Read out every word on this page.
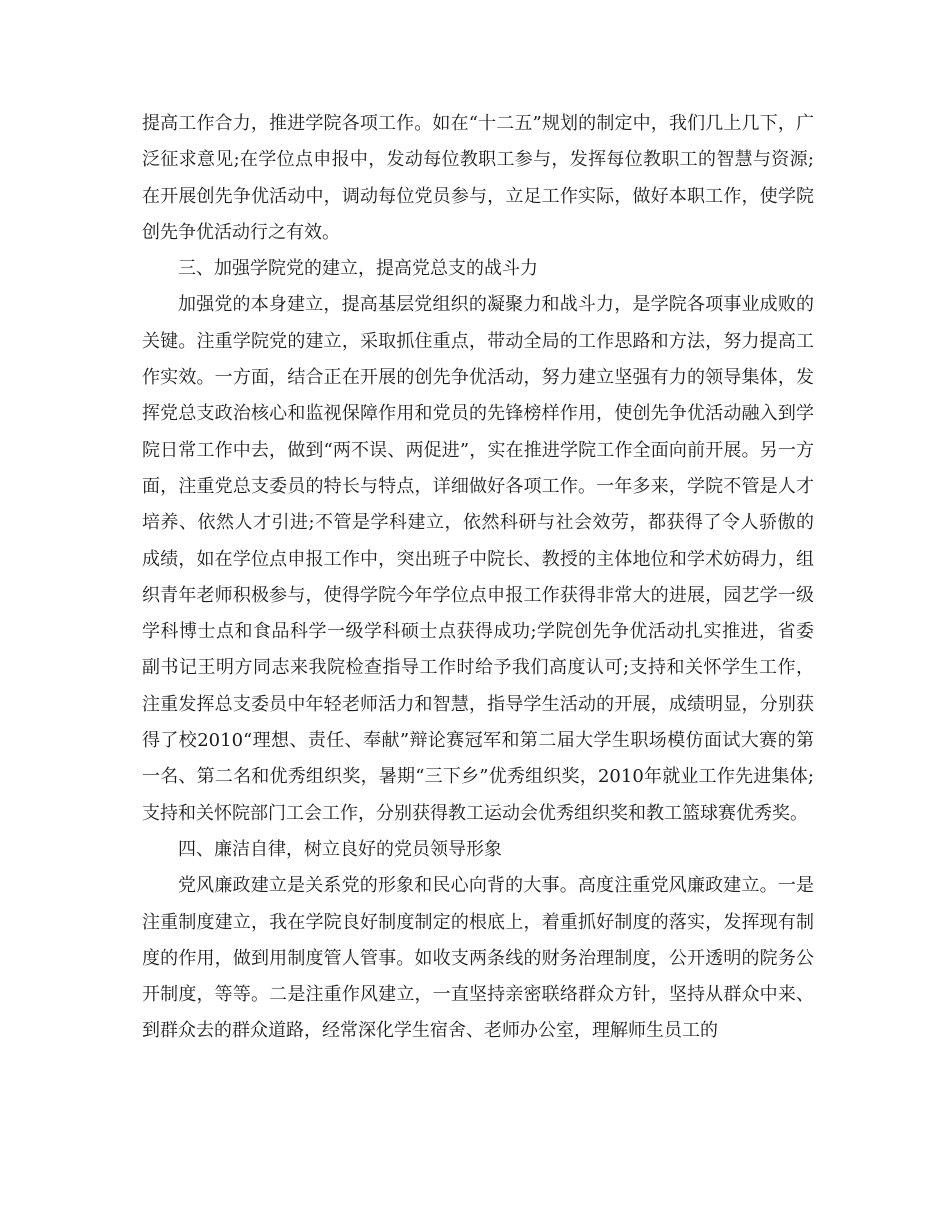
提高工作合力，推进学院各项工作。如在“十二五”规划的制定中，我们几上几下，广泛征求意见;在学位点申报中，发动每位教职工参与，发挥每位教职工的智慧与资源;在开展创先争优活动中，调动每位党员参与，立足工作实际，做好本职工作，使学院创先争优活动行之有效。

三、加强学院党的建立，提高党总支的战斗力

加强党的本身建立，提高基层党组织的凝聚力和战斗力，是学院各项事业成败的关键。注重学院党的建立，采取抓住重点，带动全局的工作思路和方法，努力提高工作实效。一方面，结合正在开展的创先争优活动，努力建立坚强有力的领导集体，发挥党总支政治核心和监视保障作用和党员的先锋榜样作用，使创先争优活动融入到学院日常工作中去，做到“两不误、两促进”，实在推进学院工作全面向前开展。另一方面，注重党总支委员的特长与特点，详细做好各项工作。一年多来，学院不管是人才培养、依然人才引进;不管是学科建立，依然科研与社会效劳，都获得了令人骄傲的成绩，如在学位点申报工作中，突出班子中院长、教授的主体地位和学术妨碍力，组织青年老师积极参与，使得学院今年学位点申报工作获得非常大的进展，园艺学一级学科博士点和食品科学一级学科硕士点获得成功;学院创先争优活动扎实推进，省委副书记王明方同志来我院检查指导工作时给予我们高度认可;支持和关怀学生工作，注重发挥总支委员中年轻老师活力和智慧，指导学生活动的开展，成绩明显，分别获得了校2010“理想、责任、奉献”辩论赛冠军和第二届大学生职场模仿面试大赛的第一名、第二名和优秀组织奖，暑期“三下乡”优秀组织奖，2010年就业工作先进集体;支持和关怀院部门工会工作，分别获得教工运动会优秀组织奖和教工篮球赛优秀奖。

四、廉洁自律，树立良好的党员领导形象

党风廉政建立是关系党的形象和民心向背的大事。高度注重党风廉政建立。一是注重制度建立，我在学院良好制度制定的根底上，着重抓好制度的落实，发挥现有制度的作用，做到用制度管人管事。如收支两条线的财务治理制度，公开透明的院务公开制度，等等。二是注重作风建立，一直坚持亲密联络群众方针，坚持从群众中来、到群众去的群众道路，经常深化学生宿舍、老师办公室，理解师生员工的
